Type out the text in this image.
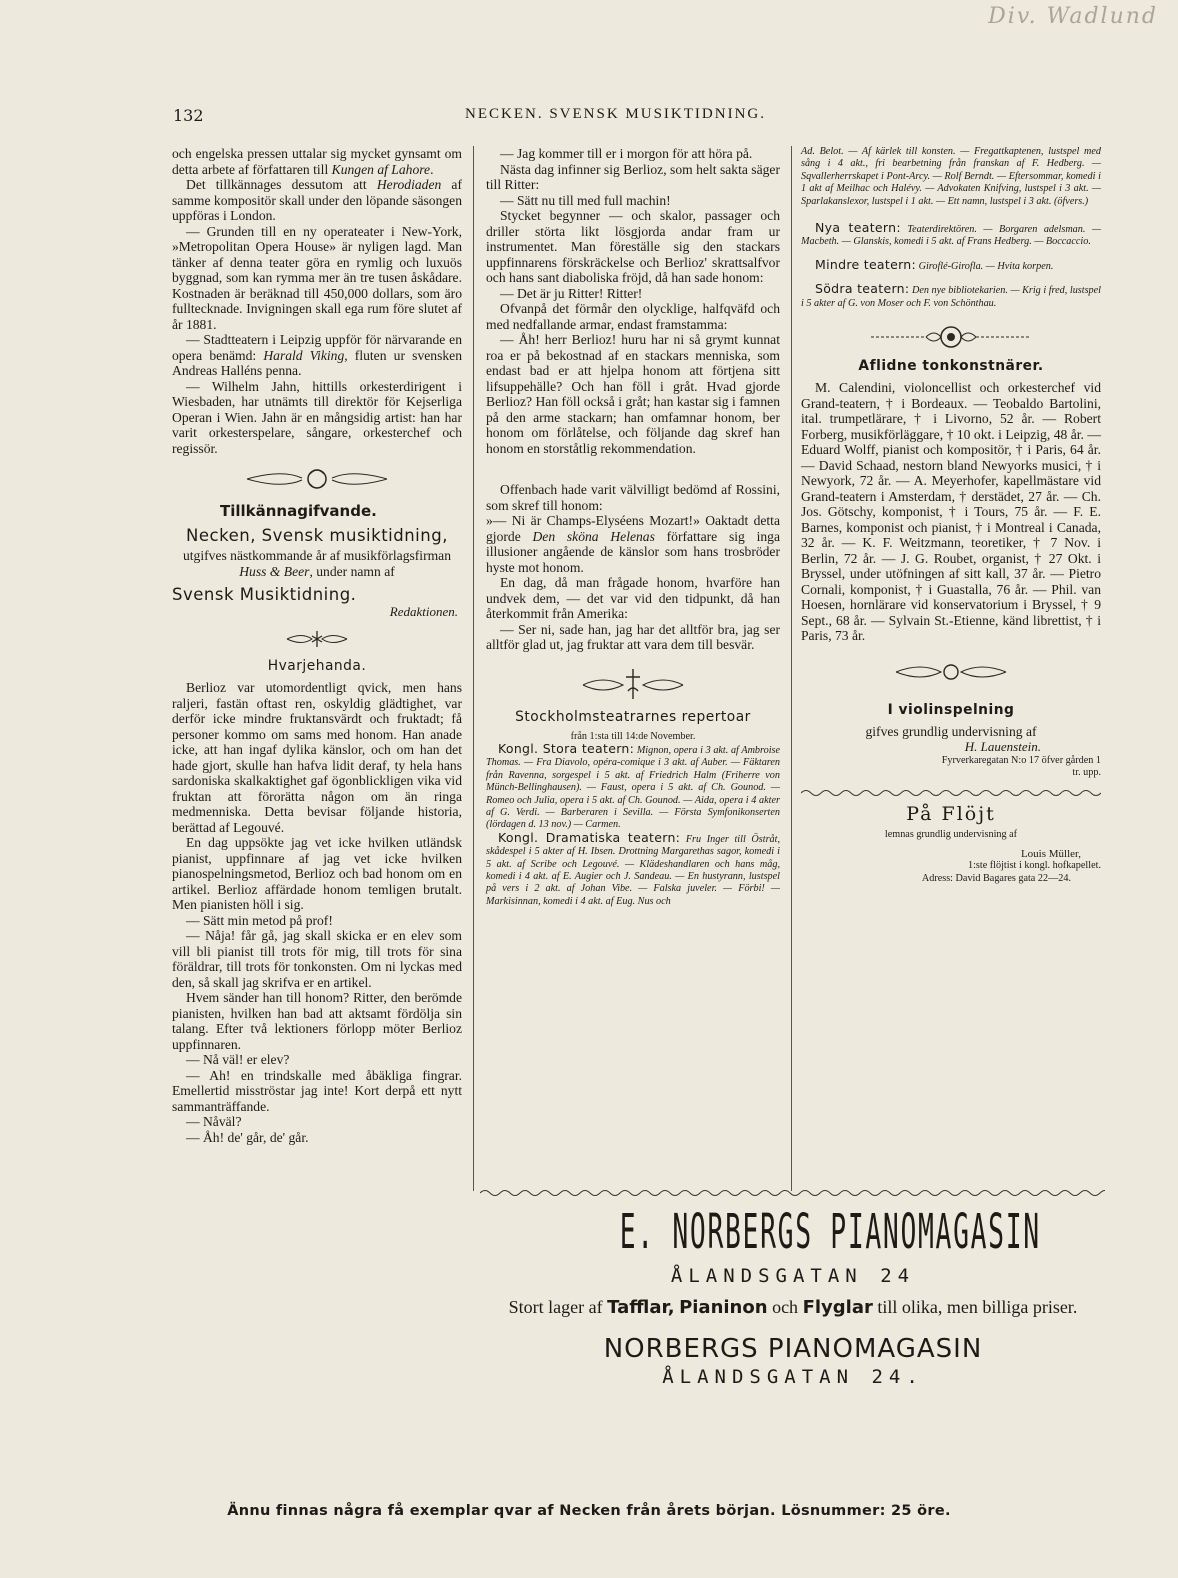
Div. Wadlund
132	NECKEN. SVENSK MUSIKTIDNING.

och engelska pressen uttalar sig mycket gynsamt om detta arbete af författaren till Kungen af Lahore.

Det tillkännages dessutom att Herodiaden af samme kompositör skall under den löpande säsongen uppföras i London.

— Grunden till en ny operateater i New-York, »Metropolitan Opera House» är nyligen lagd. Man tänker af denna teater göra en rymlig och luxuös byggnad, som kan rymma mer än tre tusen åskådare. Kostnaden är beräknad till 450,000 dollars, som äro fulltecknade. Invigningen skall ega rum före slutet af år 1881.

— Stadtteatern i Leipzig uppför för närvarande en opera benämd: Harald Viking, fluten ur svensken Andreas Halléns penna.

— Wilhelm Jahn, hittills orkesterdirigent i Wiesbaden, har utnämts till direktör för Kejserliga Operan i Wien. Jahn är en mångsidig artist: han har varit orkesterspelare, sångare, orkesterchef och regissör.

Tillkännagifvande.
Necken, Svensk musiktidning,

utgifves nästkommande år af musikförlagsfirman Huss & Beer, under namn af

Svensk Musiktidning.
Redaktionen.
Hvarjehanda.

Berlioz var utomordentligt qvick, men hans raljeri, fastän oftast ren, oskyldig glädtighet, var derför icke mindre fruktansvärdt och fruktadt; få personer kommo om sams med honom. Han anade icke, att han ingaf dylika känslor, och om han det hade gjort, skulle han hafva lidit deraf, ty hela hans sardoniska skalkaktighet gaf ögonblickligen vika vid fruktan att förorätta någon om än ringa medmenniska. Detta bevisar följande historia, berättad af Legouvé.

En dag uppsökte jag vet icke hvilken utländsk pianist, uppfinnare af jag vet icke hvilken pianospelningsmetod, Berlioz och bad honom om en artikel. Berlioz affärdade honom temligen brutalt. Men pianisten höll i sig.

— Sätt min metod på prof!

— Nåja! får gå, jag skall skicka er en elev som vill bli pianist till trots för mig, till trots för sina föräldrar, till trots för tonkonsten. Om ni lyckas med den, så skall jag skrifva er en artikel.

Hvem sänder han till honom? Ritter, den berömde pianisten, hvilken han bad att aktsamt fördölja sin talang. Efter två lektioners förlopp möter Berlioz uppfinnaren.

— Nå väl! er elev?

— Ah! en trindskalle med åbäkliga fingrar. Emellertid misströstar jag inte! Kort derpå ett nytt sammanträffande.

— Nåväl?

— Åh! de' går, de' går.

— Jag kommer till er i morgon för att höra på.

Nästa dag infinner sig Berlioz, som helt sakta säger till Ritter:

— Sätt nu till med full machin!

Stycket begynner — och skalor, passager och driller störta likt lösgjorda andar fram ur instrumentet. Man föreställe sig den stackars uppfinnarens förskräckelse och Berlioz' skrattsalfvor och hans sant diaboliska fröjd, då han sade honom:

— Det är ju Ritter! Ritter!

Ofvanpå det förmår den olycklige, halfqväfd och med nedfallande armar, endast framstamma:

— Åh! herr Berlioz! huru har ni så grymt kunnat roa er på bekostnad af en stackars menniska, som endast bad er att hjelpa honom att förtjena sitt lifsuppehälle? Och han föll i gråt. Hvad gjorde Berlioz? Han föll också i gråt; han kastar sig i famnen på den arme stackarn; han omfamnar honom, ber honom om förlåtelse, och följande dag skref han honom en storståtlig rekommendation.

Offenbach hade varit välvilligt bedömd af Rossini, som skref till honom:

»— Ni är Champs-Elyséens Mozart!» Oaktadt detta gjorde Den sköna Helenas författare sig inga illusioner angående de känslor som hans trosbröder hyste mot honom.

En dag, då man frågade honom, hvarföre han undvek dem, — det var vid den tidpunkt, då han återkommit från Amerika:

— Ser ni, sade han, jag har det alltför bra, jag ser alltför glad ut, jag fruktar att vara dem till besvär.

Stockholmsteatrarnes repertoar

från 1:sta till 14:de November.

Kongl. Stora teatern: Mignon, opera i 3 akt. af Ambroise Thomas. — Fra Diavolo, opéra-comique i 3 akt. af Auber. — Fäktaren från Ravenna, sorgespel i 5 akt. af Friedrich Halm (Friherre von Münch-Bellinghausen). — Faust, opera i 5 akt. af Ch. Gounod. — Romeo och Julia, opera i 5 akt. af Ch. Gounod. — Aida, opera i 4 akter af G. Verdi. — Barberaren i Sevilla. — Första Symfonikonserten (lördagen d. 13 nov.) — Carmen.

Kongl. Dramatiska teatern: Fru Inger till Östråt, skådespel i 5 akter af H. Ibsen. Drottning Margarethas sagor, komedi i 5 akt. af Scribe och Legouvé. — Klädeshandlaren och hans måg, komedi i 4 akt. af E. Augier och J. Sandeau. — En hustyrann, lustspel på vers i 2 akt. af Johan Vibe. — Falska juveler. — Förbi! — Markisinnan, komedi i 4 akt. af Eug. Nus och

Ad. Belot. — Af kärlek till konsten. — Fregattkaptenen, lustspel med sång i 4 akt., fri bearbetning från franskan af F. Hedberg. — Sqvallerherrskapet i Pont-Arcy. — Rolf Berndt. — Eftersommar, komedi i 1 akt af Meilhac och Halévy. — Advokaten Knifving, lustspel i 3 akt. — Sparlakanslexor, lustspel i 1 akt. — Ett namn, lustspel i 3 akt. (öfvers.)

Nya teatern: Teaterdirektören. — Borgaren adelsman. — Macbeth. — Glanskis, komedi i 5 akt. af Frans Hedberg. — Boccaccio.

Mindre teatern: Giroflé-Girofla. — Hvita korpen.

Södra teatern: Den nye bibliotekarien. — Krig i fred, lustspel i 5 akter af G. von Moser och F. von Schönthau.

Aflidne tonkonstnärer.

M. Calendini, violoncellist och orkesterchef vid Grand-teatern, † i Bordeaux. — Teobaldo Bartolini, ital. trumpetlärare, † i Livorno, 52 år. — Robert Forberg, musikförläggare, † 10 okt. i Leipzig, 48 år. — Eduard Wolff, pianist och kompositör, † i Paris, 64 år. — David Schaad, nestorn bland Newyorks musici, † i Newyork, 72 år. — A. Meyerhofer, kapellmästare vid Grand-teatern i Amsterdam, † derstädet, 27 år. — Ch. Jos. Götschy, komponist, † i Tours, 75 år. — F. E. Barnes, komponist och pianist, † i Montreal i Canada, 32 år. — K. F. Weitzmann, teoretiker, † 7 Nov. i Berlin, 72 år. — J. G. Roubet, organist, † 27 Okt. i Bryssel, under utöfningen af sitt kall, 37 år. — Pietro Cornali, komponist, † i Guastalla, 76 år. — Phil. van Hoesen, hornlärare vid konservatorium i Bryssel, † 9 Sept., 68 år. — Sylvain St.-Etienne, känd librettist, † i Paris, 73 år.

I violinspelning

gifves grundlig undervisning af

H. Lauenstein.

Fyrverkaregatan N:o 17 öfver gården 1 tr. upp.

På Flöjt

lemnas grundlig undervisning af

Louis Müller,

1:ste flöjtist i kongl. hofkapellet.

Adress: David Bagares gata 22—24.

E. NORBERGS PIANOMAGASIN
ÅLANDSGATAN 24
Stort lager af Tafflar, Pianinon och Flyglar till olika, men billiga priser.
NORBERGS PIANOMAGASIN
ÅLANDSGATAN 24.
Ännu finnas några få exemplar qvar af Necken från årets början. Lösnummer: 25 öre.
